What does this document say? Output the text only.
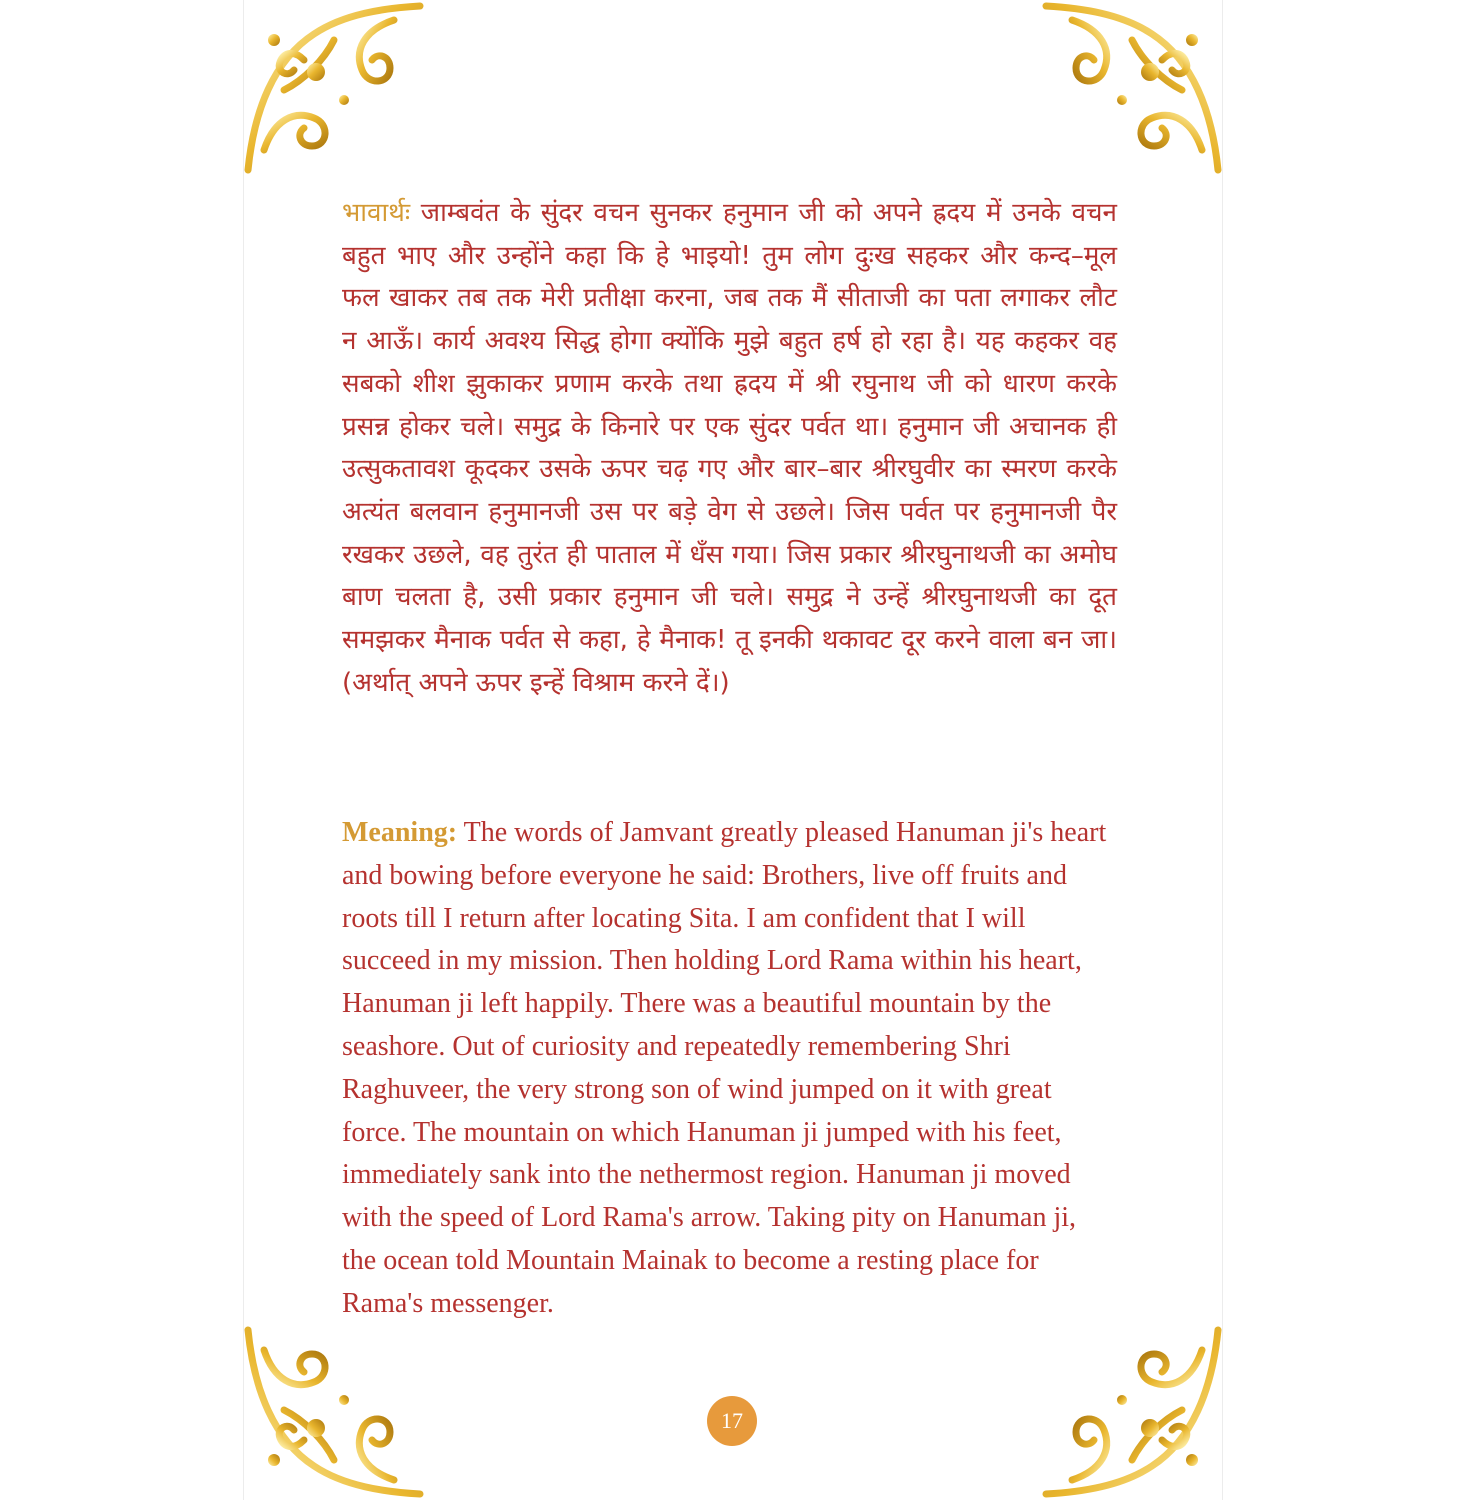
भावार्थः जाम्बवंत के सुंदर वचन सुनकर हनुमान जी को अपने ह्रदय में उनके वचन बहुत भाए और उन्होंने कहा कि हे भाइयो! तुम लोग दुःख सहकर और कन्द–मूल फल खाकर तब तक मेरी प्रतीक्षा करना, जब तक मैं सीताजी का पता लगाकर लौट न आऊँ। कार्य अवश्य सिद्ध होगा क्योंकि मुझे बहुत हर्ष हो रहा है। यह कहकर वह सबको शीश झुकाकर प्रणाम करके तथा ह्रदय में श्री रघुनाथ जी को धारण करके प्रसन्न होकर चले। समुद्र के किनारे पर एक सुंदर पर्वत था। हनुमान जी अचानक ही उत्सुकतावश कूदकर उसके ऊपर चढ़ गए और बार–बार श्रीरघुवीर का स्मरण करके अत्यंत बलवान हनुमानजी उस पर बड़े वेग से उछले। जिस पर्वत पर हनुमानजी पैर रखकर उछले, वह तुरंत ही पाताल में धँस गया। जिस प्रकार श्रीरघुनाथजी का अमोघ बाण चलता है, उसी प्रकार हनुमान जी चले। समुद्र ने उन्हें श्रीरघुनाथजी का दूत समझकर मैनाक पर्वत से कहा, हे मैनाक! तू इनकी थकावट दूर करने वाला बन जा। (अर्थात् अपने ऊपर इन्हें विश्राम करने दें।)

Meaning: The words of Jamvant greatly pleased Hanuman ji's heart and bowing before everyone he said: Brothers, live off fruits and roots till I return after locating Sita. I am confident that I will succeed in my mission. Then holding Lord Rama within his heart, Hanuman ji left happily. There was a beautiful mountain by the seashore. Out of curiosity and repeatedly remembering Shri Raghuveer, the very strong son of wind jumped on it with great force. The mountain on which Hanuman ji jumped with his feet, immediately sank into the nethermost region. Hanuman ji moved with the speed of Lord Rama's arrow. Taking pity on Hanuman ji, the ocean told Mountain Mainak to become a resting place for Rama's messenger.

17
